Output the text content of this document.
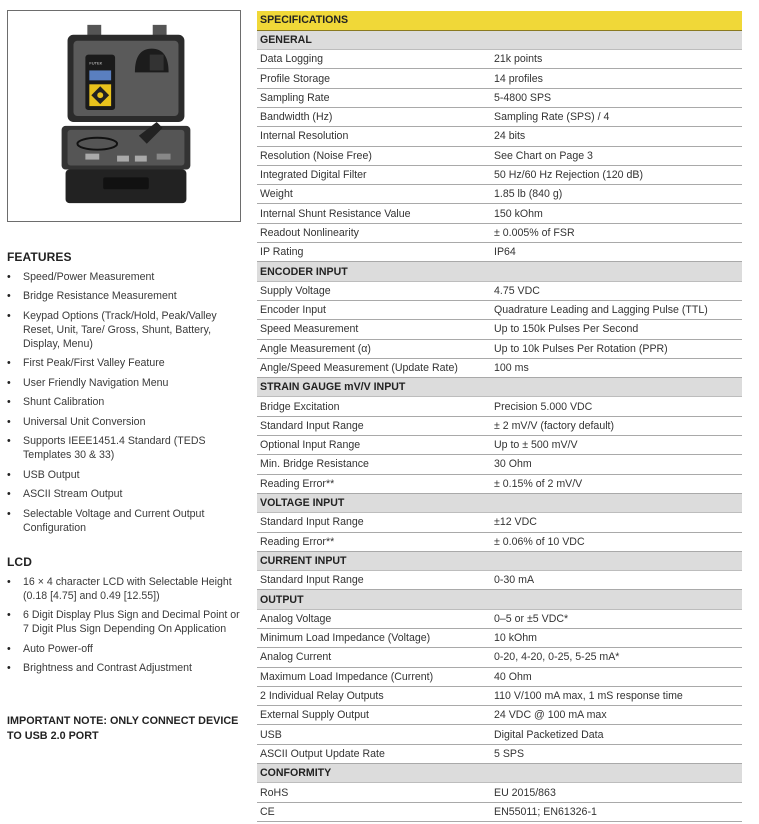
FUTEK
FEATURES
• Speed/Power Measurement
• Bridge Resistance Measurement
• Keypad Options (Track/Hold, Peak/Valley Reset, Unit, Tare/ Gross, Shunt, Battery, Display, Menu)
• First Peak/First Valley Feature
• User Friendly Navigation Menu
• Shunt Calibration
• Universal Unit Conversion
• Supports IEEE1451.4 Standard (TEDS Templates 30 & 33)
• USB Output
• ASCII Stream Output
• Selectable Voltage and Current Output Configuration
LCD
• 16 × 4 character LCD with Selectable Height (0.18 [4.75] and 0.49 [12.55])
• 6 Digit Display Plus Sign and Decimal Point or 7 Digit Plus Sign Depending On Application
• Auto Power-off
• Brightness and Contrast Adjustment
IMPORTANT NOTE: ONLY CONNECT DEVICE TO USB 2.0 PORT
SPECIFICATIONS	
GENERAL	
Data Logging	21k points
Profile Storage	14 profiles
Sampling Rate	5-4800 SPS
Bandwidth (Hz)	Sampling Rate (SPS) / 4
Internal Resolution	24 bits
Resolution (Noise Free)	See Chart on Page 3
Integrated Digital Filter	50 Hz/60 Hz Rejection (120 dB)
Weight	1.85 lb (840 g)
Internal Shunt Resistance Value	150 kOhm
Readout Nonlinearity	± 0.005% of FSR
IP Rating	IP64
ENCODER INPUT	
Supply Voltage	4.75 VDC
Encoder Input	Quadrature Leading and Lagging Pulse (TTL)
Speed Measurement	Up to 150k Pulses Per Second
Angle Measurement (α)	Up to 10k Pulses Per Rotation (PPR)
Angle/Speed Measurement (Update Rate)	100 ms
STRAIN GAUGE mV/V INPUT	
Bridge Excitation	Precision 5.000 VDC
Standard Input Range	± 2 mV/V (factory default)
Optional Input Range	Up to ± 500 mV/V
Min. Bridge Resistance	30 Ohm
Reading Error**	± 0.15% of 2 mV/V
VOLTAGE INPUT	
Standard Input Range	±12 VDC
Reading Error**	± 0.06% of 10 VDC
CURRENT INPUT	
Standard Input Range	0-30 mA
OUTPUT	
Analog Voltage	0–5 or ±5 VDC*
Minimum Load Impedance (Voltage)	10 kOhm
Analog Current	0-20, 4-20, 0-25, 5-25 mA*
Maximum Load Impedance (Current)	40 Ohm
2 Individual Relay Outputs	110 V/100 mA max, 1 mS response time
External Supply Output	24 VDC @ 100 mA max
USB	Digital Packetized Data
ASCII Output Update Rate	5 SPS
CONFORMITY	
RoHS	EU 2015/863
CE	EN55011; EN61326-1
